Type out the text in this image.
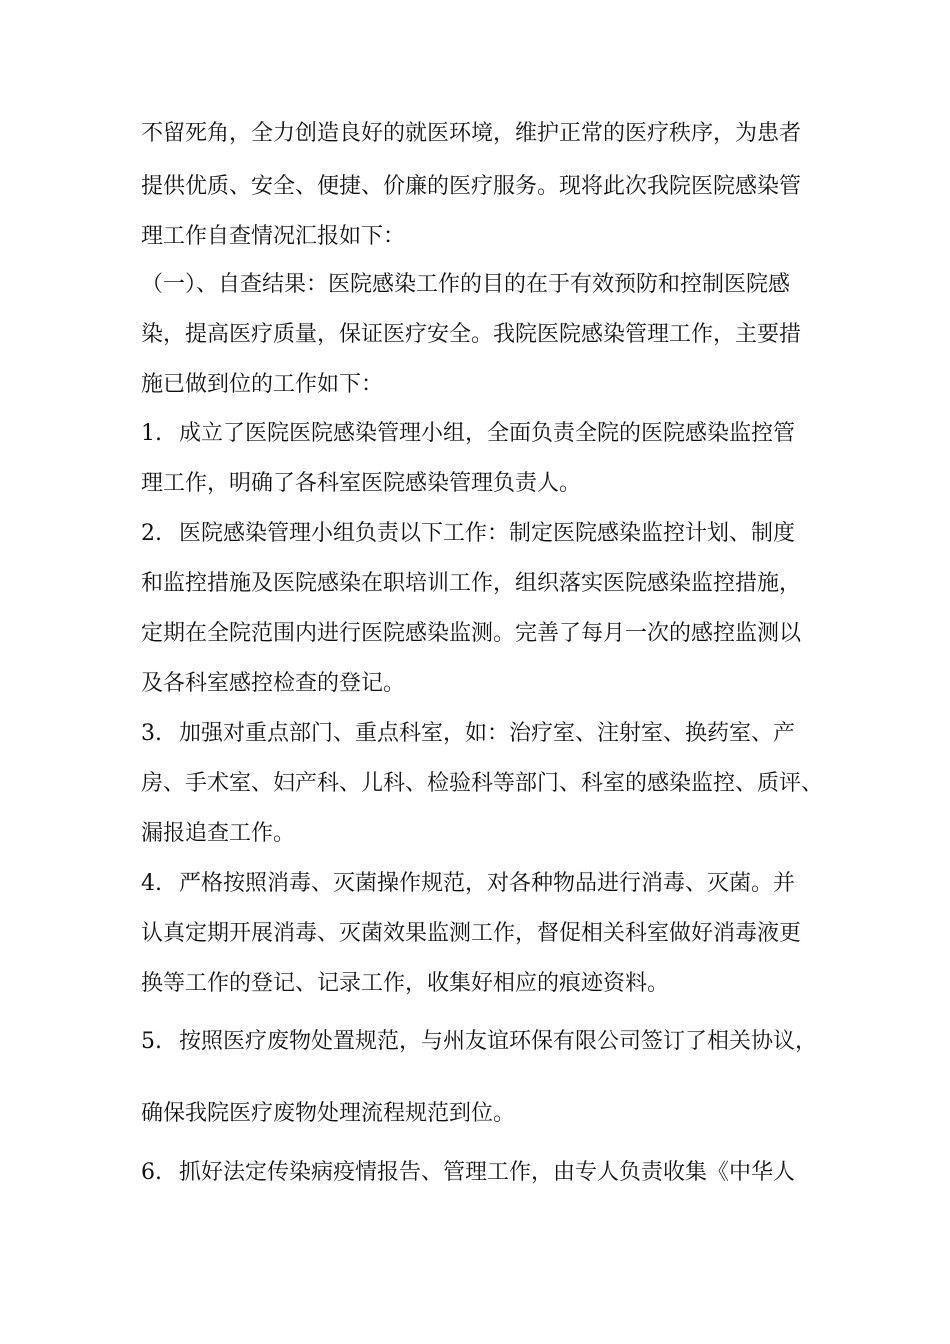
不留死角，全力创造良好的就医环境，维护正常的医疗秩序，为患者
提供优质、安全、便捷、价廉的医疗服务。现将此次我院医院感染管
理工作自查情况汇报如下：
（一）、自查结果：医院感染工作的目的在于有效预防和控制医院感
染，提高医疗质量，保证医疗安全。我院医院感染管理工作，主要措
施已做到位的工作如下：
1. 成立了医院医院感染管理小组，全面负责全院的医院感染监控管
理工作，明确了各科室医院感染管理负责人。
2. 医院感染管理小组负责以下工作：制定医院感染监控计划、制度
和监控措施及医院感染在职培训工作，组织落实医院感染监控措施，
定期在全院范围内进行医院感染监测。完善了每月一次的感控监测以
及各科室感控检查的登记。
3. 加强对重点部门、重点科室，如：治疗室、注射室、换药室、产
房、手术室、妇产科、儿科、检验科等部门、科室的感染监控、质评、
漏报追查工作。
4. 严格按照消毒、灭菌操作规范，对各种物品进行消毒、灭菌。并
认真定期开展消毒、灭菌效果监测工作，督促相关科室做好消毒液更
换等工作的登记、记录工作，收集好相应的痕迹资料。
5. 按照医疗废物处置规范，与州友谊环保有限公司签订了相关协议，
确保我院医疗废物处理流程规范到位。
6. 抓好法定传染病疫情报告、管理工作，由专人负责收集《中华人
